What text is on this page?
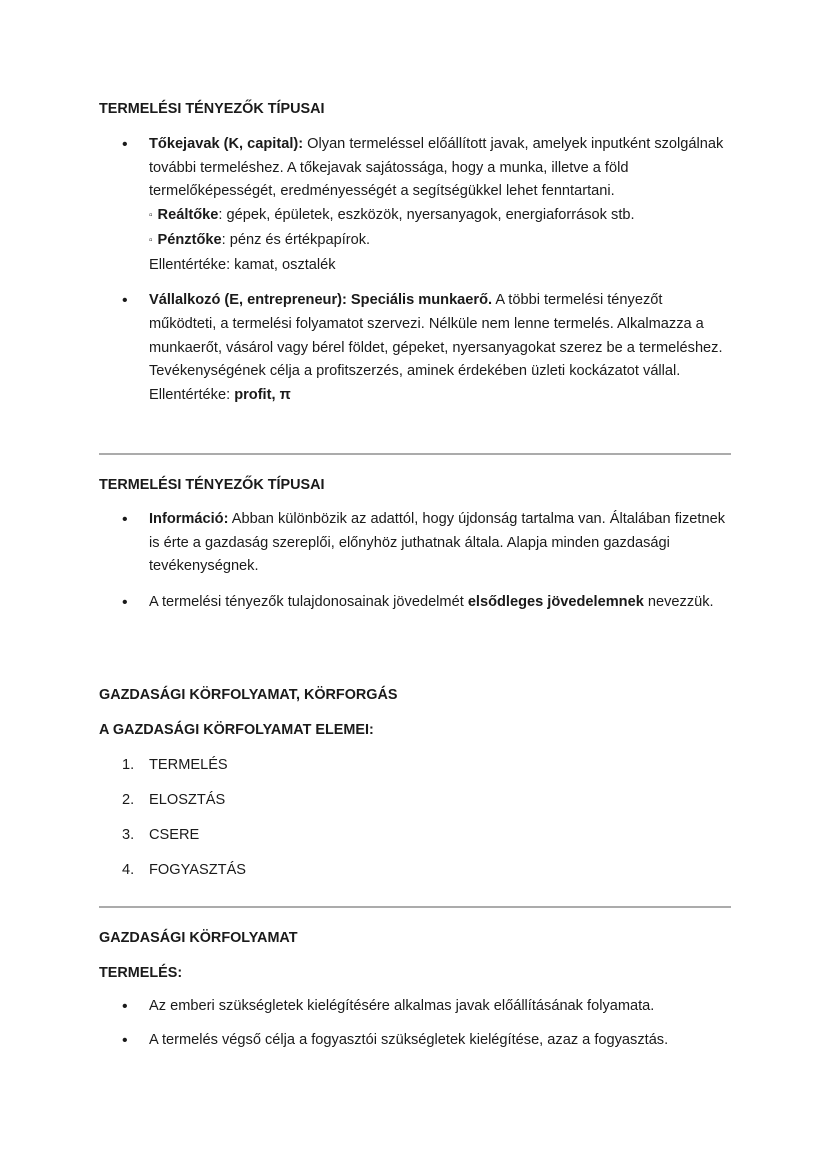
TERMELÉSI TÉNYEZŐK TÍPUSAI

• Tőkejavak (K, capital): Olyan termeléssel előállított javak, amelyek inputként szolgálnak további termeléshez. A tőkejavak sajátossága, hogy a munka, illetve a föld termelőképességét, eredményességét a segítségükkel lehet fenntartani.
▫ Reáltőke: gépek, épületek, eszközök, nyersanyagok, energiaforrások stb.
▫ Pénztőke: pénz és értékpapírok.
Ellentértéke: kamat, osztalék
• Vállalkozó (E, entrepreneur): Speciális munkaerő. A többi termelési tényezőt működteti, a termelési folyamatot szervezi. Nélküle nem lenne termelés. Alkalmazza a munkaerőt, vásárol vagy bérel földet, gépeket, nyersanyagokat szerez be a termeléshez. Tevékenységének célja a profitszerzés, aminek érdekében üzleti kockázatot vállal.
Ellentértéke: profit, π

TERMELÉSI TÉNYEZŐK TÍPUSAI

• Információ: Abban különbözik az adattól, hogy újdonság tartalma van. Általában fizetnek is érte a gazdaság szereplői, előnyhöz juthatnak általa. Alapja minden gazdasági tevékenységnek.
• A termelési tényezők tulajdonosainak jövedelmét elsődleges jövedelemnek nevezzük.

GAZDASÁGI KÖRFOLYAMAT, KÖRFORGÁS

A GAZDASÁGI KÖRFOLYAMAT ELEMEI:

1. TERMELÉS
2. ELOSZTÁS
3. CSERE
4. FOGYASZTÁS

GAZDASÁGI KÖRFOLYAMAT

TERMELÉS:

• Az emberi szükségletek kielégítésére alkalmas javak előállításának folyamata.
• A termelés végső célja a fogyasztói szükségletek kielégítése, azaz a fogyasztás.
